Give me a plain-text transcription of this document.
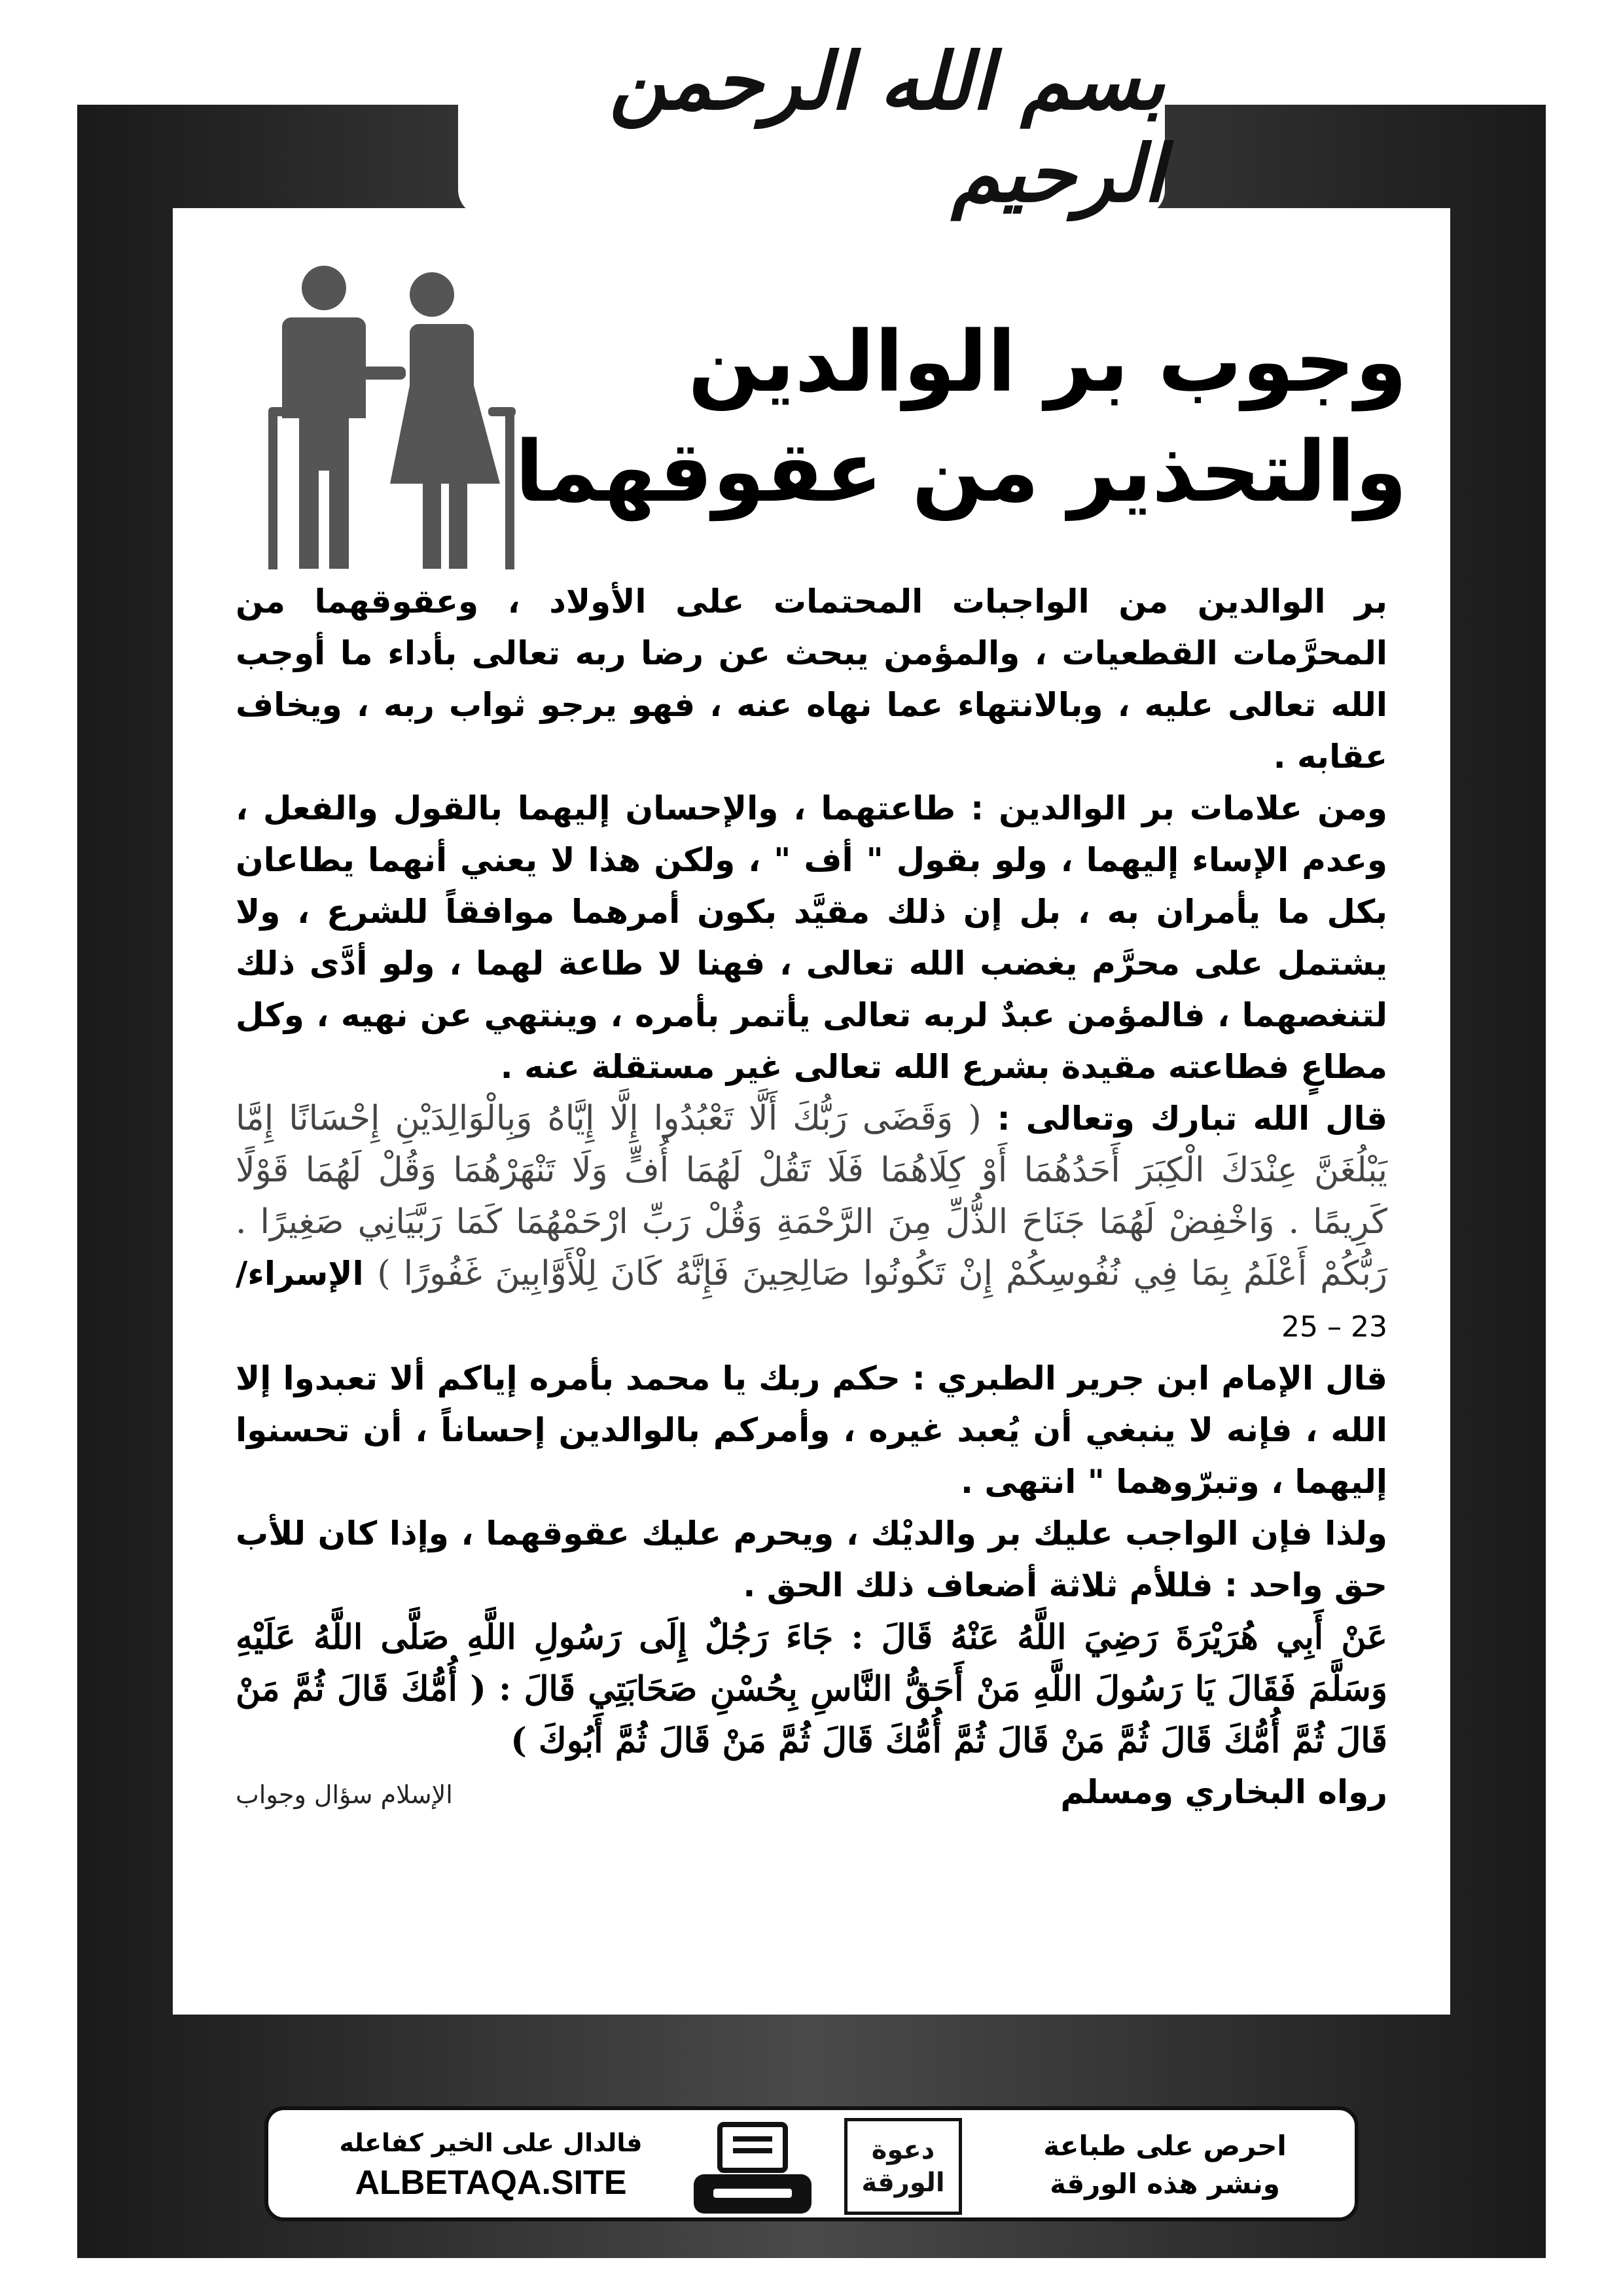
بسم الله الرحمن الرحيم
وجوب بر الوالدين
والتحذير من عقوقهما

بر الوالدين من الواجبات المحتمات على الأولاد ، وعقوقهما من المحرَّمات القطعيات ، والمؤمن يبحث عن رضا ربه تعالى بأداء ما أوجب الله تعالى عليه ، وبالانتهاء عما نهاه عنه ، فهو يرجو ثواب ربه ، ويخاف عقابه .

ومن علامات بر الوالدين : طاعتهما ، والإحسان إليهما بالقول والفعل ، وعدم الإساء إليهما ، ولو بقول " أف " ، ولكن هذا لا يعني أنهما يطاعان بكل ما يأمران به ، بل إن ذلك مقيَّد بكون أمرهما موافقاً للشرع ، ولا يشتمل على محرَّم يغضب الله تعالى ، فهنا لا طاعة لهما ، ولو أدَّى ذلك لتنغصهما ، فالمؤمن عبدٌ لربه تعالى يأتمر بأمره ، وينتهي عن نهيه ، وكل مطاعٍ فطاعته مقيدة بشرع الله تعالى غير مستقلة عنه .

قال الله تبارك وتعالى : ( وَقَضَى رَبُّكَ أَلَّا تَعْبُدُوا إِلَّا إِيَّاهُ وَبِالْوَالِدَيْنِ إِحْسَانًا إِمَّا يَبْلُغَنَّ عِنْدَكَ الْكِبَرَ أَحَدُهُمَا أَوْ كِلَاهُمَا فَلَا تَقُلْ لَهُمَا أُفٍّ وَلَا تَنْهَرْهُمَا وَقُلْ لَهُمَا قَوْلًا كَرِيمًا . وَاخْفِضْ لَهُمَا جَنَاحَ الذُّلِّ مِنَ الرَّحْمَةِ وَقُلْ رَبِّ ارْحَمْهُمَا كَمَا رَبَّيَانِي صَغِيرًا . رَبُّكُمْ أَعْلَمُ بِمَا فِي نُفُوسِكُمْ إِنْ تَكُونُوا صَالِحِينَ فَإِنَّهُ كَانَ لِلْأَوَّابِينَ غَفُورًا ) الإسراء/ 23 – 25

قال الإمام ابن جرير الطبري : حكم ربك يا محمد بأمره إياكم ألا تعبدوا إلا الله ، فإنه لا ينبغي أن يُعبد غيره ، وأمركم بالوالدين إحساناً ، أن تحسنوا إليهما ، وتبرّوهما " انتهى .

ولذا فإن الواجب عليك بر والديْك ، ويحرم عليك عقوقهما ، وإذا كان للأب حق واحد : فللأم ثلاثة أضعاف ذلك الحق .

عَنْ أَبِي هُرَيْرَةَ رَضِيَ اللَّهُ عَنْهُ قَالَ : جَاءَ رَجُلٌ إِلَى رَسُولِ اللَّهِ صَلَّى اللَّهُ عَلَيْهِ وَسَلَّمَ فَقَالَ يَا رَسُولَ اللَّهِ مَنْ أَحَقُّ النَّاسِ بِحُسْنِ صَحَابَتِي قَالَ : ( أُمُّكَ قَالَ ثُمَّ مَنْ قَالَ ثُمَّ أُمُّكَ قَالَ ثُمَّ مَنْ قَالَ ثُمَّ أُمُّكَ قَالَ ثُمَّ مَنْ قَالَ ثُمَّ أَبُوكَ )

رواه البخاري ومسلم
الإسلام سؤال وجواب
احرص على طباعة
ونشر هذه الورقة
دعوة
الورقة
فالدال على الخير كفاعله
ALBETAQA.SITE
